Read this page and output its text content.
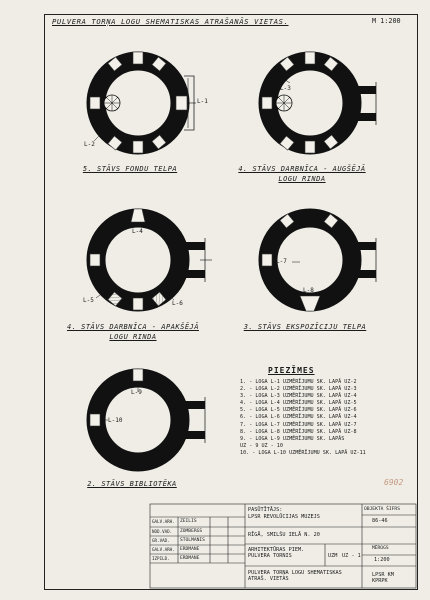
PULVERA TORŅA LOGU SHEMATISKAS ATRAŠANĀS VIETAS.	M 1:200
L-1
L-2
L-3
L-4
L-5	L-6
L-7
L-8
L-9
L-10
5. STĀVS FONDU TELPA	4. STĀVS DARBNĪCA - AUGŠĒJĀ LOGU RINDA
4. STĀVS DARBNĪCA - APAKŠĒJĀ LOGU RINDA
3. STĀVS EKSPOZĪCIJU TELPA
2. STĀVS BIBLIOTĒKA
PIEZĪMES
1. - LOGA L-1 UZMĒRĪJUMU SK. LAPĀ UZ-2
2. - LOGA L-2 UZMĒRĪJUMU SK. LAPĀ UZ-3
3. - LOGA L-3 UZMĒRĪJUMU SK. LAPĀ UZ-4
4. - LOGA L-4 UZMĒRĪJUMU SK. LAPĀ UZ-5
5. - LOGA L-5 UZMĒRĪJUMU SK. LAPĀ UZ-6
6. - LOGA L-6 UZMĒRĪJUMU SK. LAPĀ UZ-4
7. - LOGA L-7 UZMĒRĪJUMU SK. LAPĀ UZ-7
8. - LOGA L-8 UZMĒRĪJUMU SK. LAPĀ UZ-8
9. - LOGA L-9 UZMĒRĪJUMU SK. LAPĀS
UZ - 9 UZ - 10
10. - LOGA L-10 UZMĒRĪJUMU SK. LAPĀ UZ-11
PASŪTĪTĀJS:
LPSR REVOLŪCIJAS MUZEJS
OBJEKTA ŠIFRS
86-46
RĪGĀ, SMILŠU IELĀ N. 20
6902
ARHITEKTŪRAS PIEM. PULVERA TORNIS	UZM UZ - 1
MĒROGS
1:200
PULVERA TORŅA LOGU SHEMATISKAS ATRAŠ. VIETAS
LPSR KM KPRPK
GALV.ARH. ZEILIS
NOD.VAD. ZOMBERGS
GR.VAD. STOLMANIS
GALV.ARH. ERDMANE
IZPILD. ERDMANE
